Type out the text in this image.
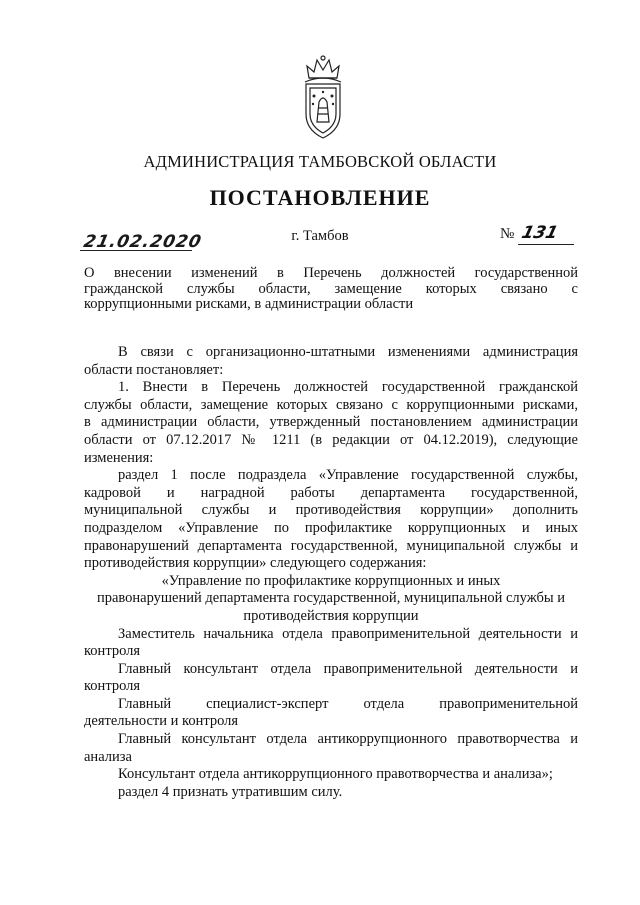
АДМИНИСТРАЦИЯ ТАМБОВСКОЙ ОБЛАСТИ
ПОСТАНОВЛЕНИЕ
21.02.2020	г. Тамбов	№ 131
О внесении изменений в Перечень должностей государственной
гражданской службы области, замещение которых связано с
коррупционными рисками, в администрации области

В связи с организационно-штатными изменениями администрация

области постановляет:

1. Внести в Перечень должностей государственной гражданской

службы области, замещение которых связано с коррупционными рисками,

в администрации области, утвержденный постановлением администрации

области от 07.12.2017 № 1211 (в редакции от 04.12.2019), следующие

изменения:

раздел 1 после подраздела «Управление государственной службы,

кадровой и наградной работы департамента государственной,

муниципальной службы и противодействия коррупции» дополнить

подразделом «Управление по профилактике коррупционных и иных

правонарушений департамента государственной, муниципальной службы и

противодействия коррупции» следующего содержания:

«Управление по профилактике коррупционных и иных

правонарушений департамента государственной, муниципальной службы и

противодействия коррупции

Заместитель начальника отдела правоприменительной деятельности и

контроля

Главный консультант отдела правоприменительной деятельности и

контроля

Главный специалист-эксперт отдела правоприменительной

деятельности и контроля

Главный консультант отдела антикоррупционного правотворчества и

анализа

Консультант отдела антикоррупционного правотворчества и анализа»;

раздел 4 признать утратившим силу.
